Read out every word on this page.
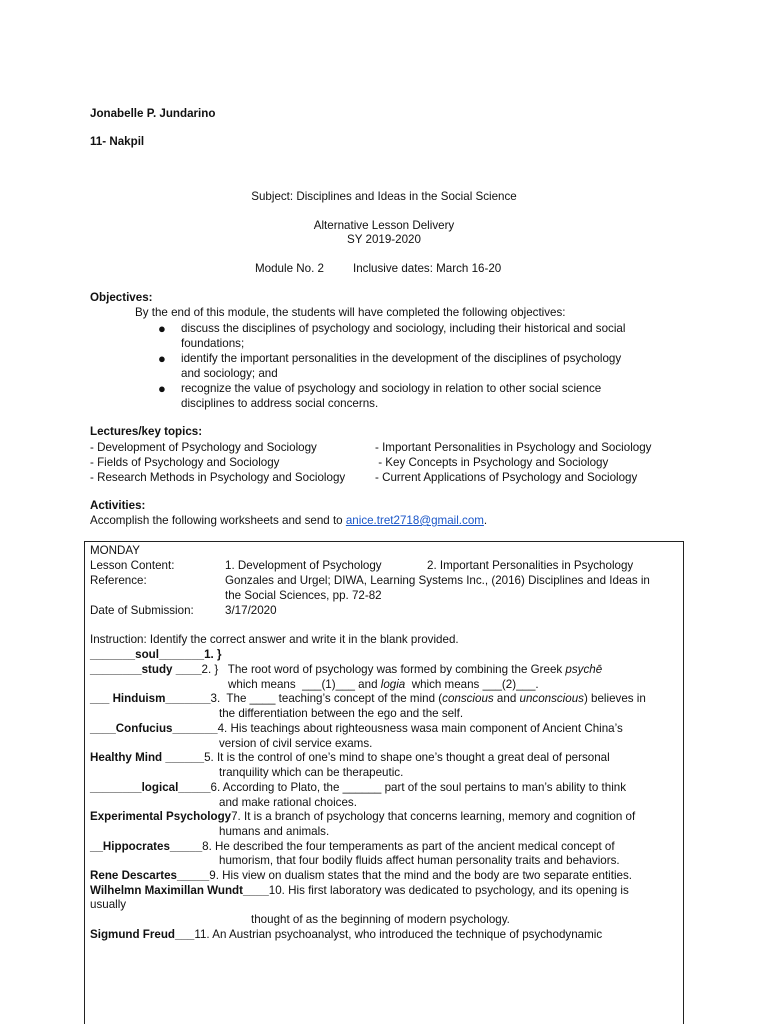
Jonabelle P. Jundarino
11- Nakpil
Subject: Disciplines and Ideas in the Social Science
Alternative Lesson Delivery
SY 2019-2020
Module No. 2	Inclusive dates: March 16-20
Objectives:
By the end of this module, the students will have completed the following objectives:
● discuss the disciplines of psychology and sociology, including their historical and social
foundations;
● identify the important personalities in the development of the disciplines of psychology
and sociology; and
● recognize the value of psychology and sociology in relation to other social science
disciplines to address social concerns.
Lectures/key topics:
- Development of Psychology and Sociology	- Important Personalities in Psychology and Sociology
- Fields of Psychology and Sociology	- Key Concepts in Psychology and Sociology
- Research Methods in Psychology and Sociology	- Current Applications of Psychology and Sociology
Activities:
Accomplish the following worksheets and send to anice.tret2718@gmail.com.
MONDAY
Lesson Content:	1. Development of Psychology	2. Important Personalities in Psychology
Reference:	Gonzales and Urgel; DIWA, Learning Systems Inc., (2016) Disciplines and Ideas in
the Social Sciences, pp. 72-82
Date of Submission:	3/17/2020
Instruction: Identify the correct answer and write it in the blank provided.
_______soul_______1. }
________study ____2. }   The root word of psychology was formed by combining the Greek psychē
which means  ___(1)___ and logia  which means ___(2)___.
___ Hinduism_______3.  The ____ teaching’s concept of the mind (conscious and unconscious) believes in
the differentiation between the ego and the self.
____Confucius_______4. His teachings about righteousness wasa main component of Ancient China’s
version of civil service exams.
Healthy Mind ______5. It is the control of one’s mind to shape one’s thought a great deal of personal
tranquility which can be therapeutic.
________logical_____6. According to Plato, the ______ part of the soul pertains to man’s ability to think
and make rational choices.
Experimental Psychology7. It is a branch of psychology that concerns learning, memory and cognition of
humans and animals.
__Hippocrates_____8. He described the four temperaments as part of the ancient medical concept of
humorism, that four bodily fluids affect human personality traits and behaviors.
Rene Descartes_____9. His view on dualism states that the mind and the body are two separate entities.
Wilhelmn Maximillan Wundt____10. His first laboratory was dedicated to psychology, and its opening is
usually
thought of as the beginning of modern psychology.
Sigmund Freud___11. An Austrian psychoanalyst, who introduced the technique of psychodynamic
